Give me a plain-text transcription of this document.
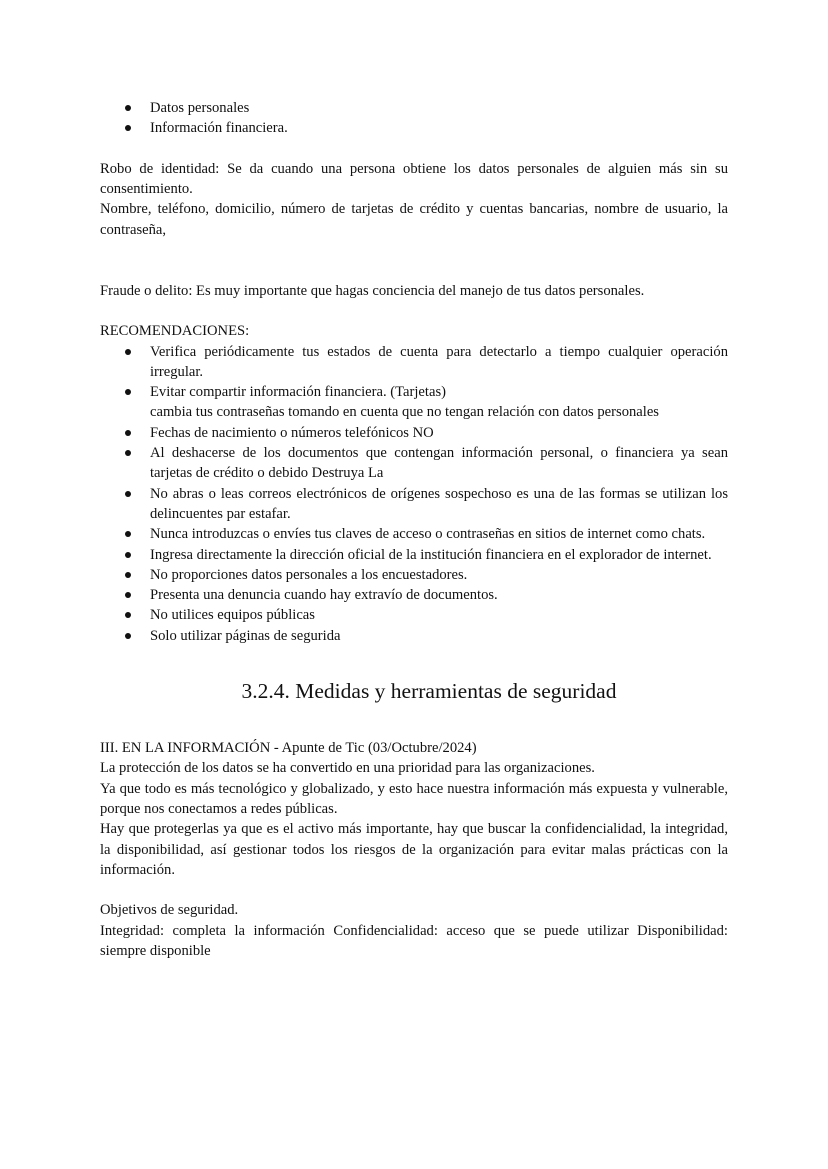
Datos personales
Información financiera.

Robo de identidad: Se da cuando una persona obtiene los datos personales de alguien más sin su consentimiento.

Nombre, teléfono, domicilio, número de tarjetas de crédito y cuentas bancarias, nombre de usuario, la contraseña,

Fraude o delito: Es muy importante que hagas conciencia del manejo de tus datos personales.

RECOMENDACIONES:

Verifica periódicamente tus estados de cuenta para detectarlo a tiempo cualquier operación irregular.
Evitar compartir información financiera. (Tarjetas)
cambia tus contraseñas tomando en cuenta que no tengan relación con datos personales
Fechas de nacimiento o números telefónicos NO
Al deshacerse de los documentos que contengan información personal, o financiera ya sean tarjetas de crédito o debido Destruya La
No abras o leas correos electrónicos de orígenes sospechoso es una de las formas se utilizan los delincuentes par estafar.
Nunca introduzcas o envíes tus claves de acceso o contraseñas en sitios de internet como chats.
Ingresa directamente la dirección oficial de la institución financiera en el explorador de internet.
No proporciones datos personales a los encuestadores.
Presenta una denuncia cuando hay extravío de documentos.
No utilices equipos públicas
Solo utilizar páginas de segurida
3.2.4. Medidas y herramientas de seguridad

III. EN LA INFORMACIÓN - Apunte de Tic (03/Octubre/2024)

La protección de los datos se ha convertido en una prioridad para las organizaciones.

Ya que todo es más tecnológico y globalizado, y esto hace nuestra información más expuesta y vulnerable, porque nos conectamos a redes públicas.

Hay que protegerlas ya que es el activo más importante, hay que buscar la confidencialidad, la integridad, la disponibilidad, así gestionar todos los riesgos de la organización para evitar malas prácticas con la información.

Objetivos de seguridad.

Integridad: completa la información Confidencialidad: acceso que se puede utilizar Disponibilidad: siempre disponible
